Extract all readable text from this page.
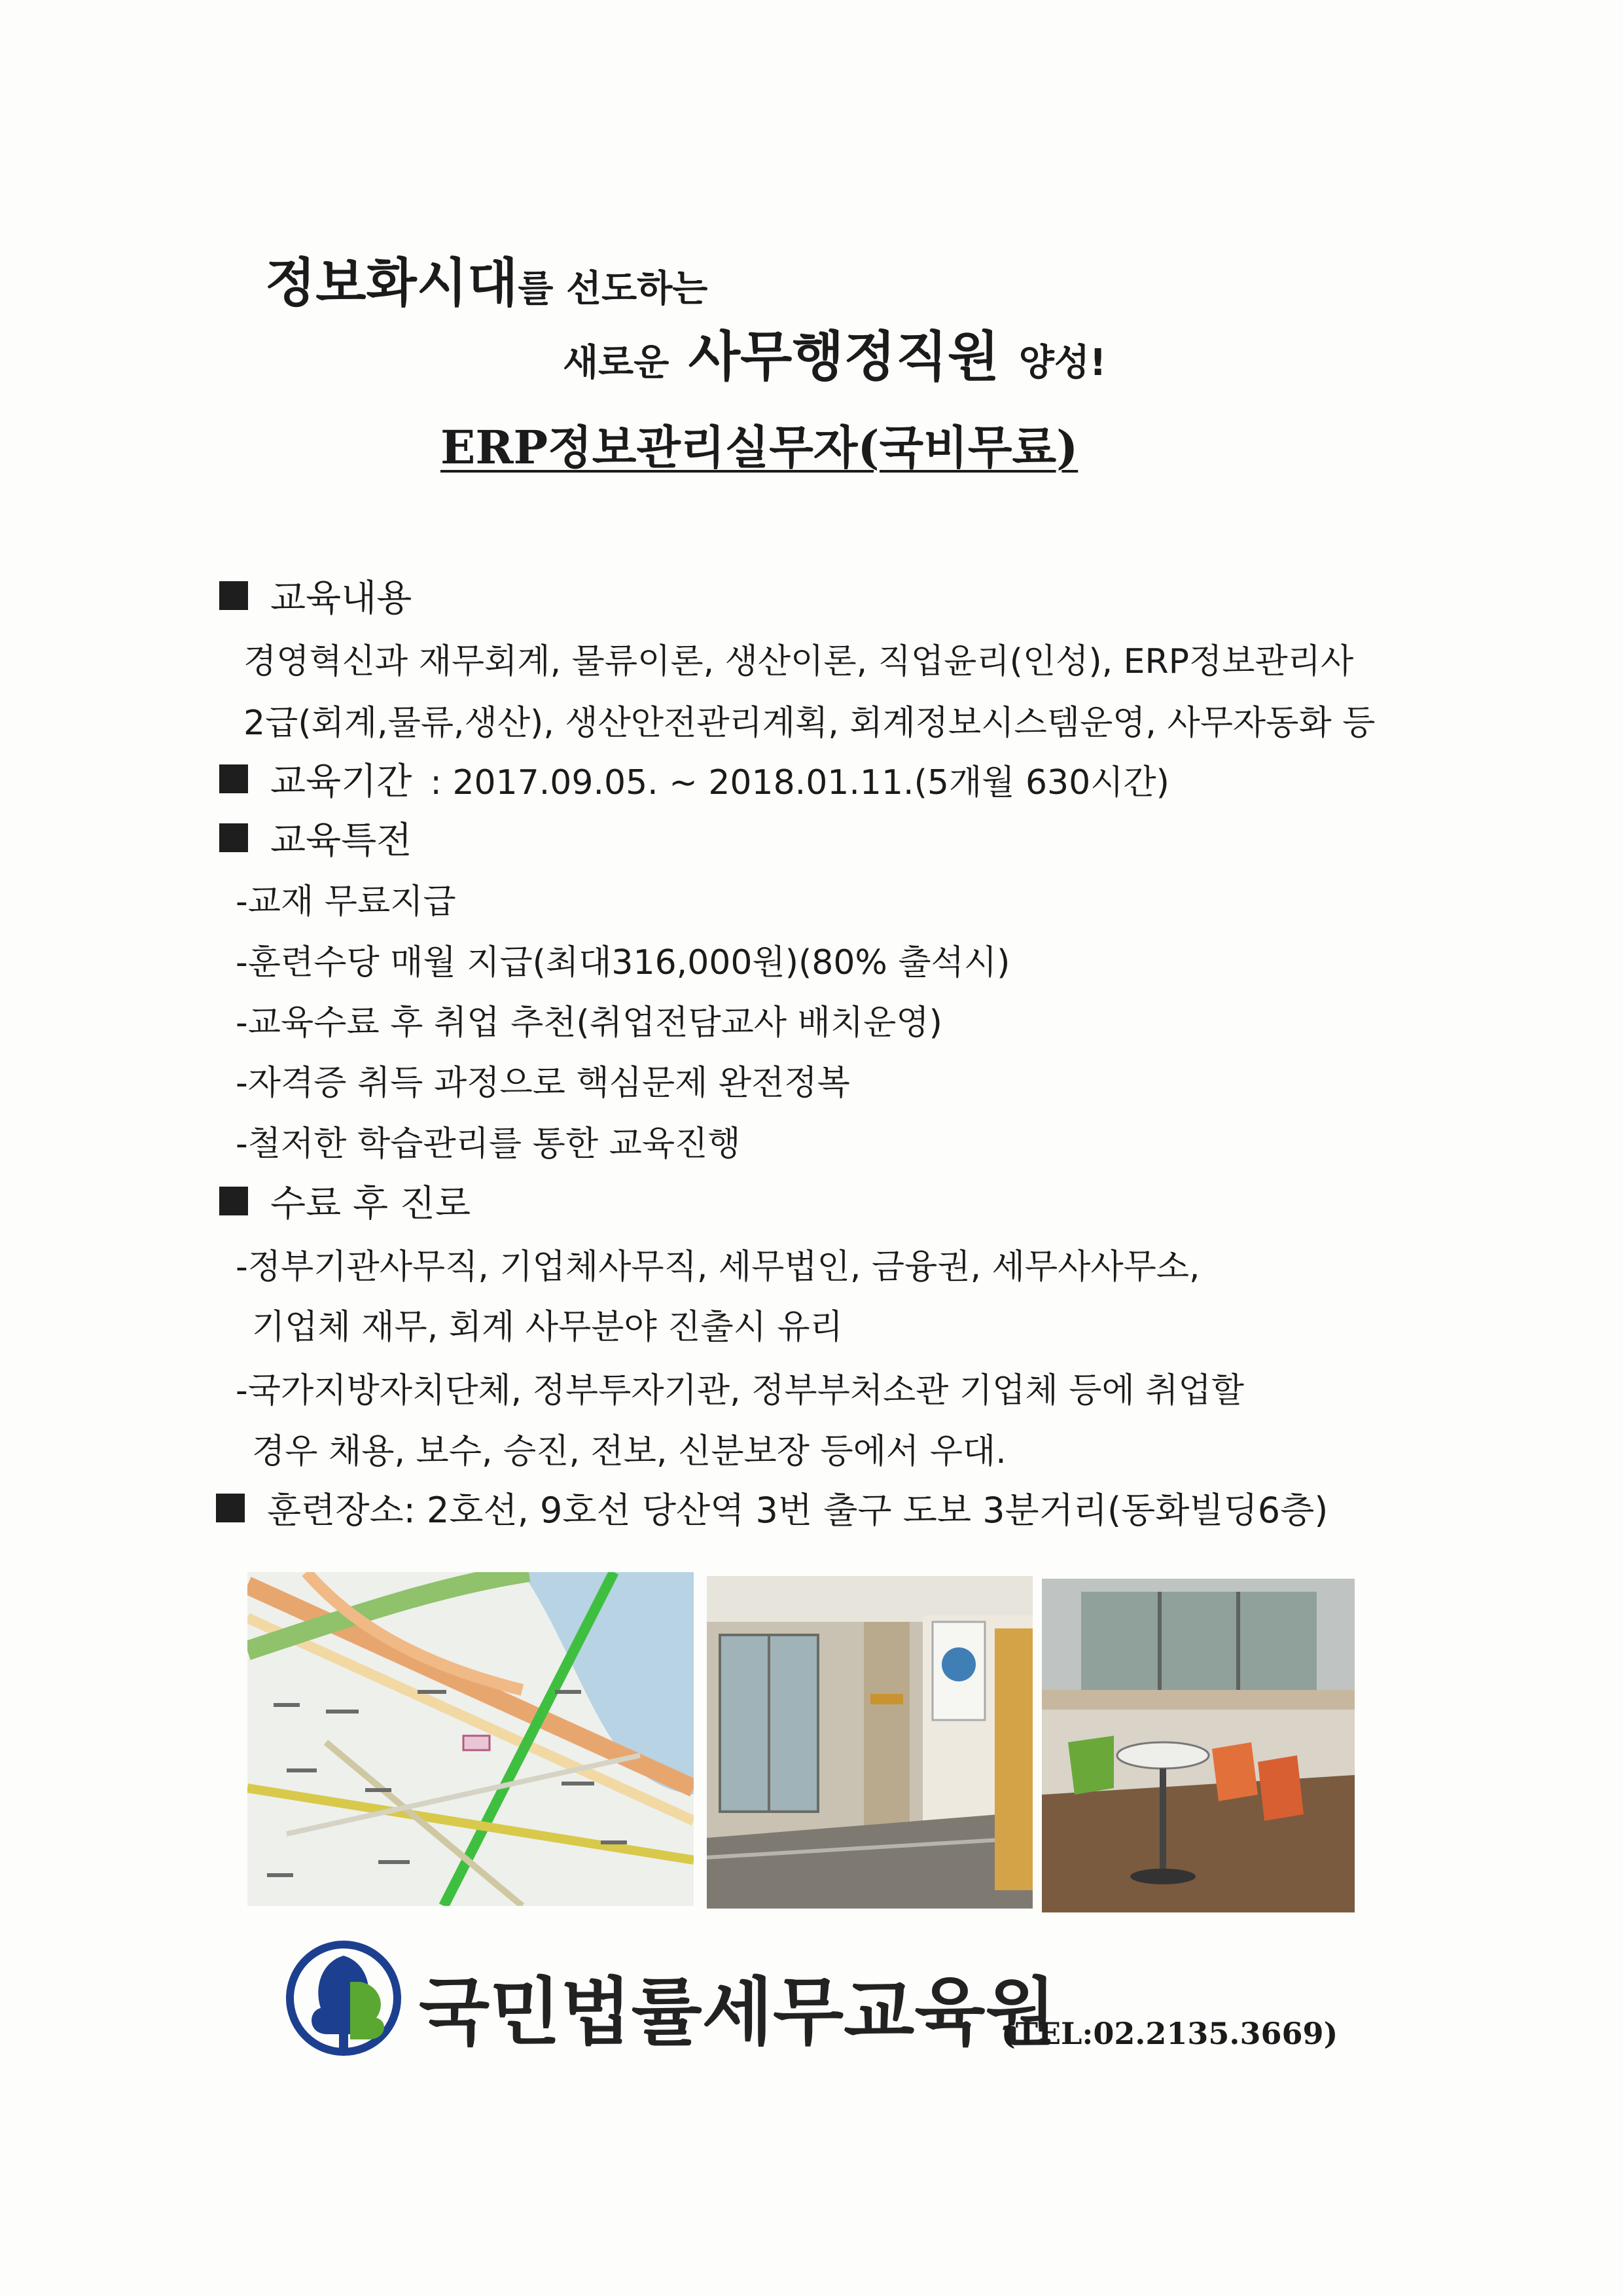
정보화시대를 선도하는
새로운 사무행정직원 양성!
ERP정보관리실무자(국비무료)
교육내용
경영혁신과 재무회계, 물류이론, 생산이론, 직업윤리(인성), ERP정보관리사
2급(회계,물류,생산), 생산안전관리계획, 회계정보시스템운영, 사무자동화 등
교육기간 : 2017.09.05. ~ 2018.01.11.(5개월 630시간)
교육특전
-교재 무료지급
-훈련수당 매월 지급(최대316,000원)(80% 출석시)
-교육수료 후 취업 추천(취업전담교사 배치운영)
-자격증 취득 과정으로 핵심문제 완전정복
-철저한 학습관리를 통한 교육진행
수료 후 진로
-정부기관사무직, 기업체사무직, 세무법인, 금융권, 세무사사무소,
기업체 재무, 회계 사무분야 진출시 유리
-국가지방자치단체, 정부투자기관, 정부부처소관 기업체 등에 취업할
경우 채용, 보수, 승진, 전보, 신분보장 등에서 우대.
훈련장소: 2호선, 9호선 당산역 3번 출구 도보 3분거리(동화빌딩6층)
국민법률세무교육원
(TEL:02.2135.3669)
